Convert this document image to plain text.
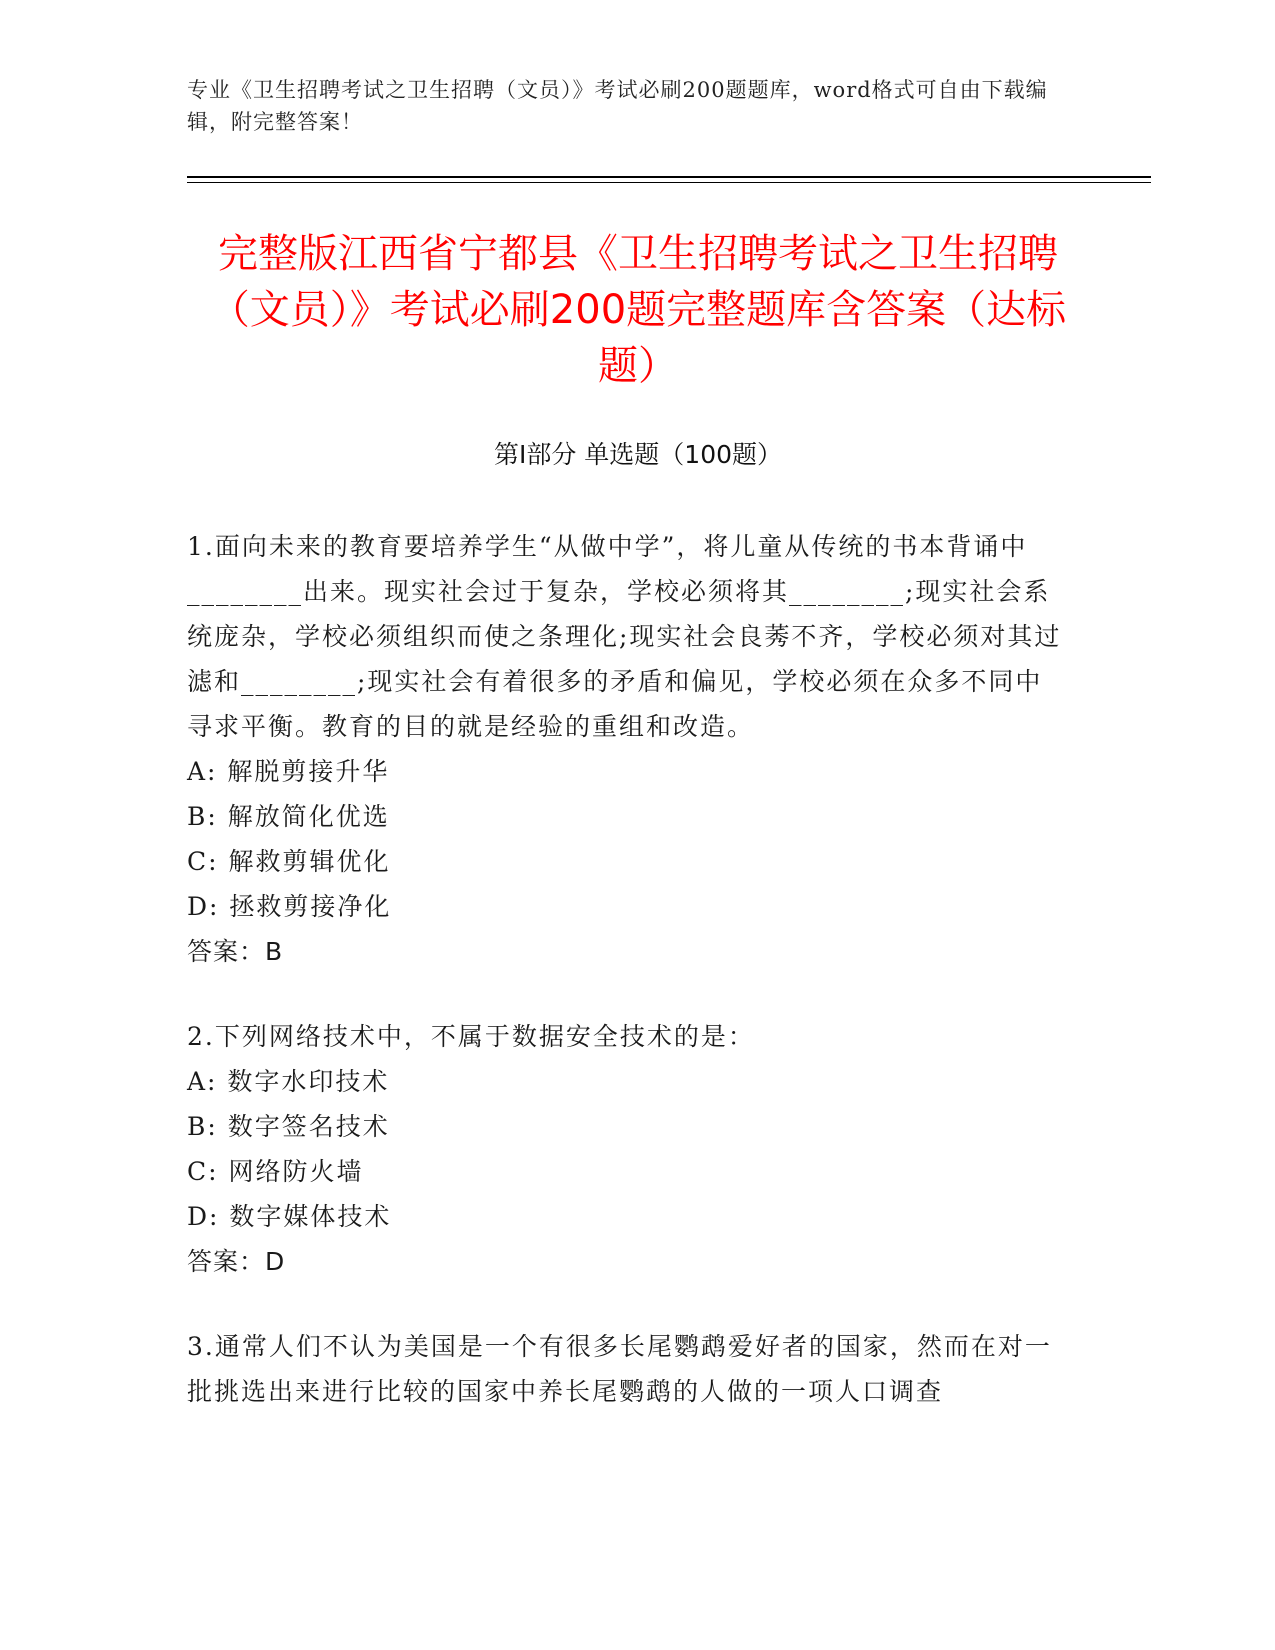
专业《卫生招聘考试之卫生招聘（文员）》考试必刷200题题库，word格式可自由下载编辑，附完整答案！
完整版江西省宁都县《卫生招聘考试之卫生招聘（文员）》考试必刷200题完整题库含答案（达标题）
第Ⅰ部分 单选题（100题）

1.面向未来的教育要培养学生“从做中学”，将儿童从传统的书本背诵中________出来。现实社会过于复杂，学校必须将其________;现实社会系统庞杂，学校必须组织而使之条理化;现实社会良莠不齐，学校必须对其过滤和________;现实社会有着很多的矛盾和偏见，学校必须在众多不同中寻求平衡。教育的目的就是经验的重组和改造。

A: 解脱剪接升华

B: 解放简化优选

C: 解救剪辑优化

D: 拯救剪接净化

答案：B

2.下列网络技术中，不属于数据安全技术的是：

A: 数字水印技术

B: 数字签名技术

C: 网络防火墙

D: 数字媒体技术

答案：D

3.通常人们不认为美国是一个有很多长尾鹦鹉爱好者的国家，然而在对一批挑选出来进行比较的国家中养长尾鹦鹉的人做的一项人口调查
